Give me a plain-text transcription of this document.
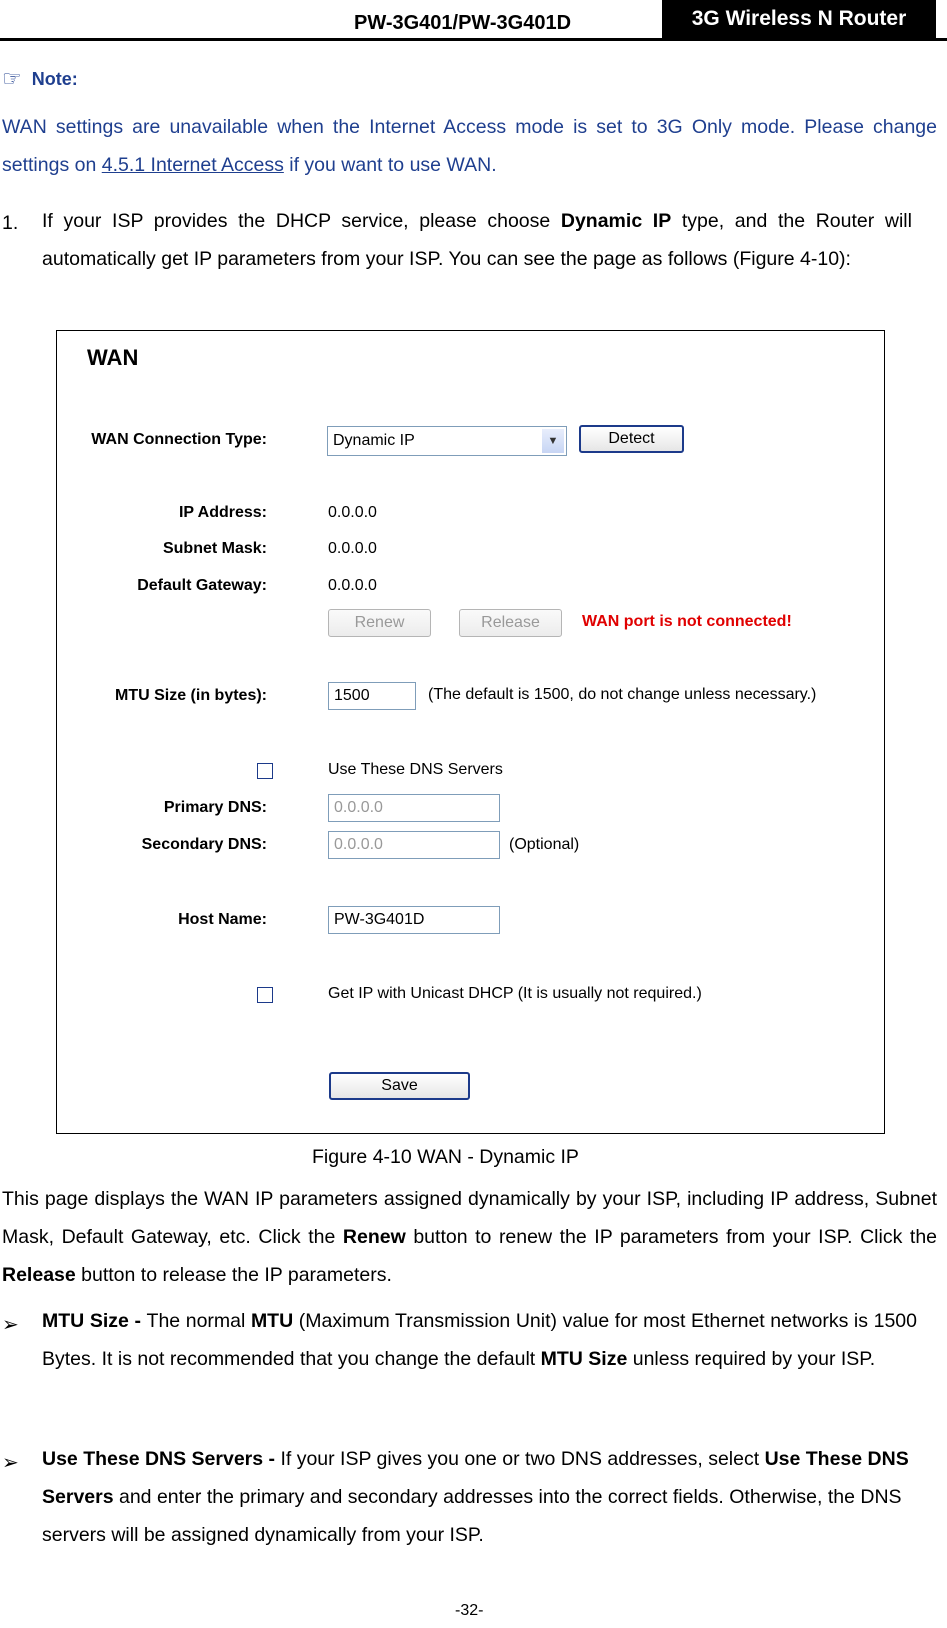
PW-3G401/PW-3G401D	3G Wireless N Router
☞ Note:
WAN settings are unavailable when the Internet Access mode is set to 3G Only mode. Please change settings on 4.5.1 Internet Access if you want to use WAN.
1. If your ISP provides the DHCP service, please choose Dynamic IP type, and the Router will automatically get IP parameters from your ISP. You can see the page as follows (Figure 4-10):
WAN
WAN Connection Type:	Dynamic IP	▼	Detect
IP Address:	0.0.0.0
Subnet Mask:	0.0.0.0
Default Gateway:	0.0.0.0
Renew	Release	WAN port is not connected!
MTU Size (in bytes):	1500	(The default is 1500, do not change unless necessary.)
Use These DNS Servers
Primary DNS:	0.0.0.0
Secondary DNS:	0.0.0.0	(Optional)
Host Name:	PW-3G401D
Get IP with Unicast DHCP (It is usually not required.)
Save
Figure 4-10 WAN - Dynamic IP
This page displays the WAN IP parameters assigned dynamically by your ISP, including IP address, Subnet Mask, Default Gateway, etc. Click the Renew button to renew the IP parameters from your ISP. Click the Release button to release the IP parameters.
➢ MTU Size - The normal MTU (Maximum Transmission Unit) value for most Ethernet networks is 1500 Bytes. It is not recommended that you change the default MTU Size unless required by your ISP.
➢ Use These DNS Servers - If your ISP gives you one or two DNS addresses, select Use These DNS Servers and enter the primary and secondary addresses into the correct fields. Otherwise, the DNS servers will be assigned dynamically from your ISP.
-32-
